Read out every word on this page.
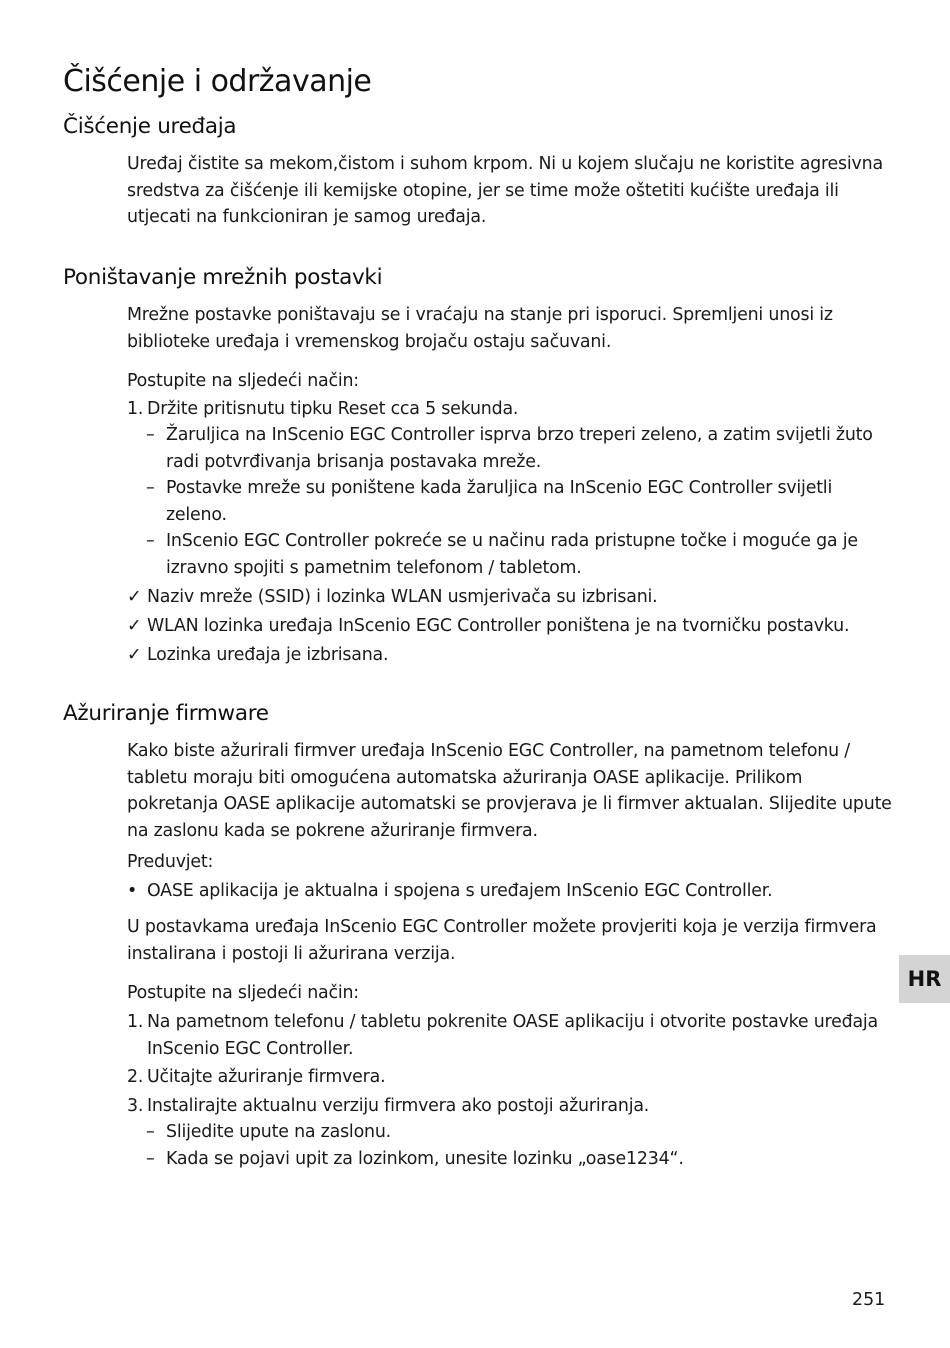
Čišćenje i održavanje
Čišćenje uređaja

Uređaj čistite sa mekom,čistom i suhom krpom. Ni u kojem slučaju ne koristite agresivna sredstva za čišćenje ili kemijske otopine, jer se time može oštetiti kućište uređaja ili utjecati na funkcioniran je samog uređaja.

Poništavanje mrežnih postavki

Mrežne postavke poništavaju se i vraćaju na stanje pri isporuci. Spremljeni unosi iz biblioteke uređaja i vremenskog brojaču ostaju sačuvani.

Postupite na sljedeći način:

1. Držite pritisnutu tipku Reset cca 5 sekunda.
– Žaruljica na InScenio EGC Controller isprva brzo treperi zeleno, a zatim svijetli žuto radi potvrđivanja brisanja postavaka mreže.
– Postavke mreže su poništene kada žaruljica na InScenio EGC Controller svijetli zeleno.
– InScenio EGC Controller pokreće se u načinu rada pristupne točke i moguće ga je izravno spojiti s pametnim telefonom / tabletom.
✓ Naziv mreže (SSID) i lozinka WLAN usmjerivača su izbrisani.
✓ WLAN lozinka uređaja InScenio EGC Controller poništena je na tvorničku postavku.
✓ Lozinka uređaja je izbrisana.
Ažuriranje firmware

Kako biste ažurirali firmver uređaja InScenio EGC Controller, na pametnom telefonu / tabletu moraju biti omogućena automatska ažuriranja OASE aplikacije. Prilikom pokretanja OASE aplikacije automatski se provjerava je li firmver aktualan. Slijedite upute na zaslonu kada se pokrene ažuriranje firmvera.

Preduvjet:

• OASE aplikacija je aktualna i spojena s uređajem InScenio EGC Controller.

U postavkama uređaja InScenio EGC Controller možete provjeriti koja je verzija firmvera instalirana i postoji li ažurirana verzija.

Postupite na sljedeći način:

1. Na pametnom telefonu / tabletu pokrenite OASE aplikaciju i otvorite postavke uređaja InScenio EGC Controller.
2. Učitajte ažuriranje firmvera.
3. Instalirajte aktualnu verziju firmvera ako postoji ažuriranja.
– Slijedite upute na zaslonu.
– Kada se pojavi upit za lozinkom, unesite lozinku „oase1234“.
HR
251
